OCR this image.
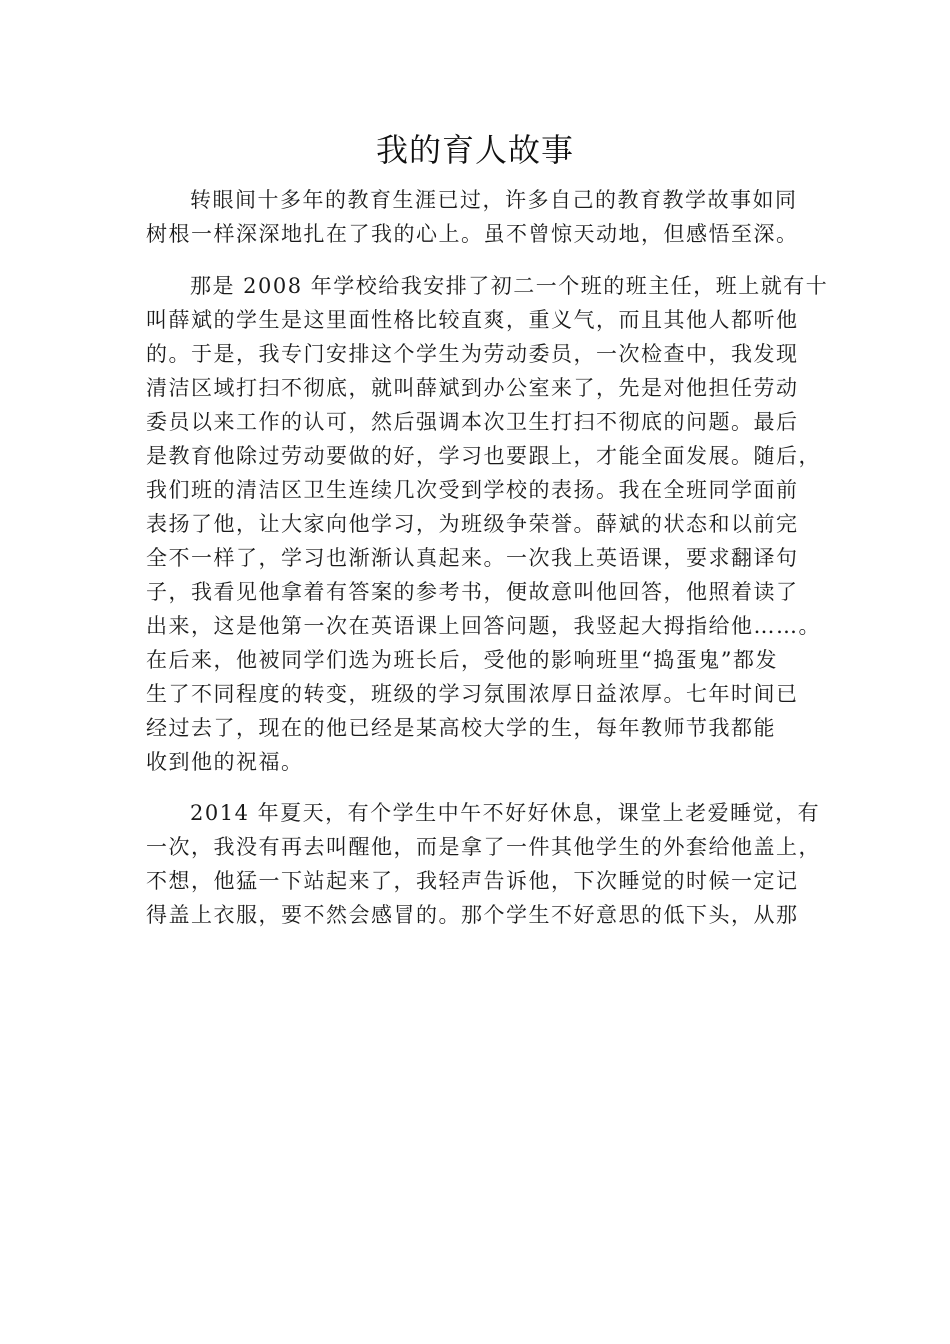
我的育人故事
转眼间十多年的教育生涯已过，许多自己的教育教学故事如同
树根一样深深地扎在了我的心上。虽不曾惊天动地，但感悟至深。
那是 2008 年学校给我安排了初二一个班的班主任，班上就有十
叫薛斌的学生是这里面性格比较直爽，重义气，而且其他人都听他
的。于是，我专门安排这个学生为劳动委员，一次检查中，我发现
清洁区域打扫不彻底，就叫薛斌到办公室来了，先是对他担任劳动
委员以来工作的认可，然后强调本次卫生打扫不彻底的问题。最后
是教育他除过劳动要做的好，学习也要跟上，才能全面发展。随后，
我们班的清洁区卫生连续几次受到学校的表扬。我在全班同学面前
表扬了他，让大家向他学习，为班级争荣誉。薛斌的状态和以前完
全不一样了，学习也渐渐认真起来。一次我上英语课，要求翻译句
子，我看见他拿着有答案的参考书，便故意叫他回答，他照着读了
出来，这是他第一次在英语课上回答问题，我竖起大拇指给他……。
在后来，他被同学们选为班长后，受他的影响班里“捣蛋鬼”都发
生了不同程度的转变，班级的学习氛围浓厚日益浓厚。七年时间已
经过去了，现在的他已经是某高校大学的生，每年教师节我都能
收到他的祝福。
2014 年夏天，有个学生中午不好好休息，课堂上老爱睡觉，有
一次，我没有再去叫醒他，而是拿了一件其他学生的外套给他盖上，
不想，他猛一下站起来了，我轻声告诉他，下次睡觉的时候一定记
得盖上衣服，要不然会感冒的。那个学生不好意思的低下头，从那
